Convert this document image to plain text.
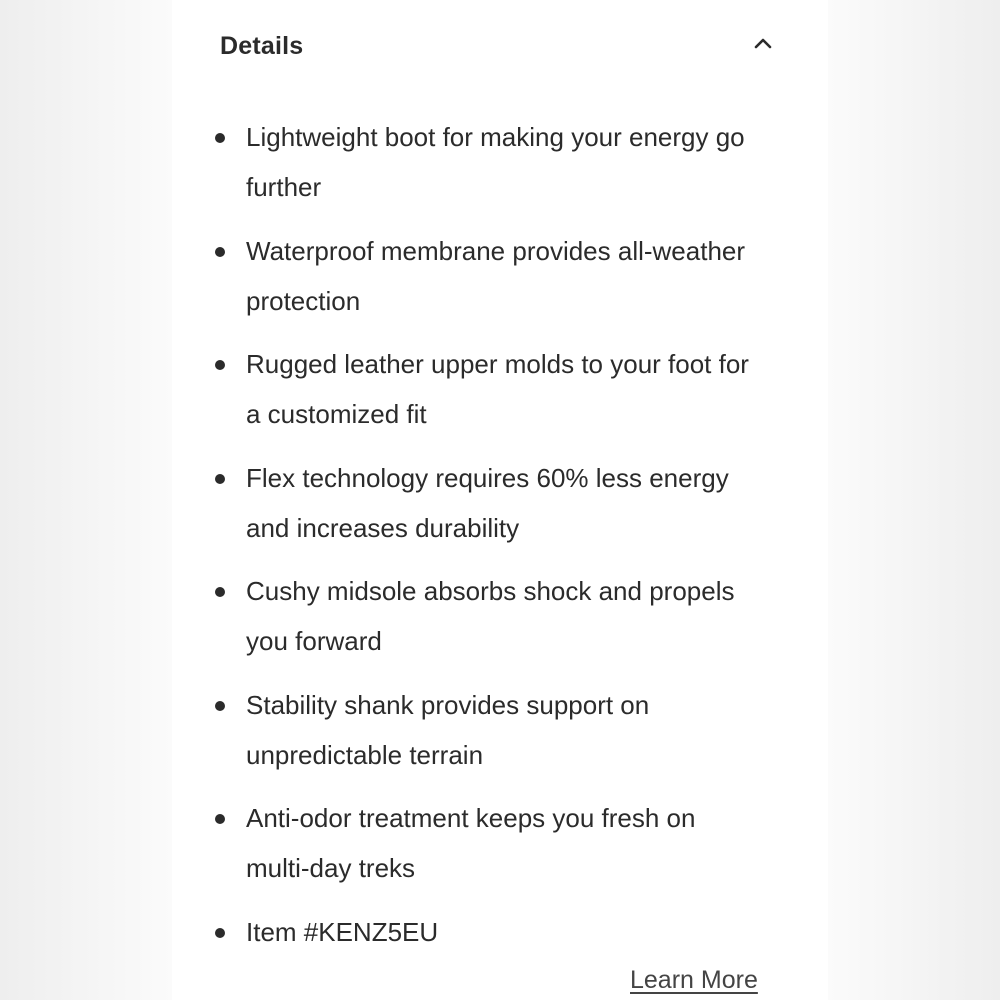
Details
Lightweight boot for making your energy go
further
Waterproof membrane provides all-weather
protection
Rugged leather upper molds to your foot for
a customized fit
Flex technology requires 60% less energy
and increases durability
Cushy midsole absorbs shock and propels
you forward
Stability shank provides support on
unpredictable terrain
Anti-odor treatment keeps you fresh on
multi-day treks
Item #KENZ5EU
Learn More
